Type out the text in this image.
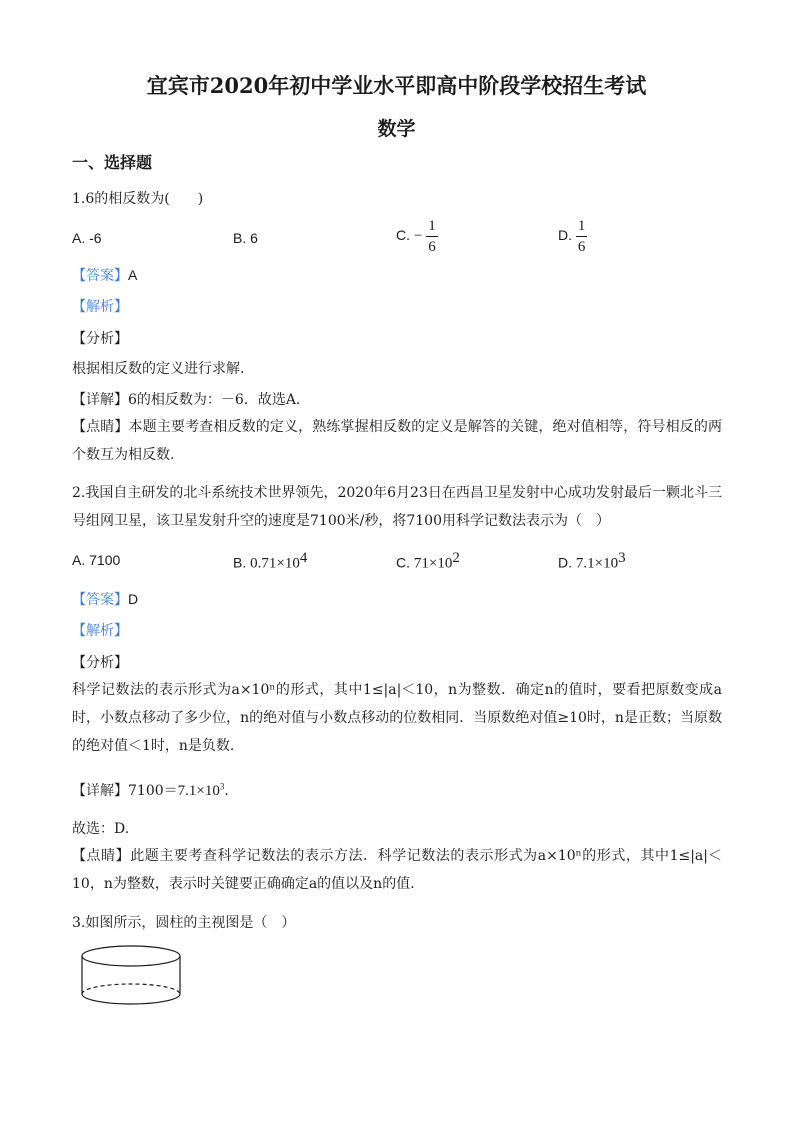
宜宾市2020年初中学业水平即高中阶段学校招生考试
数学
一、选择题
1.6的相反数为(　　)
A. -6	B. 6	C. − $\frac{1}{6}$	D. $\frac{1}{6}$
【答案】A
【解析】
【分析】
根据相反数的定义进行求解.
【详解】6的相反数为：－6．故选A.
【点睛】本题主要考查相反数的定义，熟练掌握相反数的定义是解答的关键，绝对值相等，符号相反的两个数互为相反数.
2.我国自主研发的北斗系统技术世界领先，2020年6月23日在西昌卫星发射中心成功发射最后一颗北斗三号组网卫星，该卫星发射升空的速度是7100米/秒，将7100用科学记数法表示为（　）
A. 7100	B. $0.71\times 10^4$	C. $71\times 10^2$	D. $7.1\times 10^3$
【答案】D
【解析】
【分析】
科学记数法的表示形式为a×10ⁿ的形式，其中1≤|a|＜10，n为整数．确定n的值时，要看把原数变成a时，小数点移动了多少位，n的绝对值与小数点移动的位数相同．当原数绝对值≥10时，n是正数；当原数的绝对值＜1时，n是负数.
【详解】$7100=7.1\times 10^3$.
故选：D.
【点睛】此题主要考查科学记数法的表示方法．科学记数法的表示形式为a×10ⁿ的形式，其中1≤|a|＜10，n为整数，表示时关键要正确确定a的值以及n的值.
3.如图所示，圆柱的主视图是（　）
